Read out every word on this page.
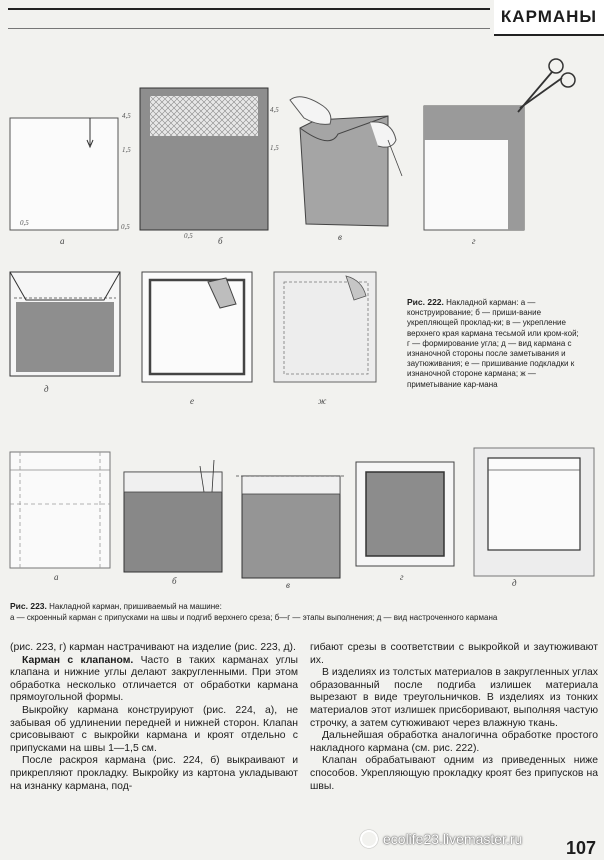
КАРМАНЫ
0,5	0,5
а
4,5
1,5
0,5
4,5
1,5
б	в	г
д
е	ж
а	б	в
г
д
Рис. 222. Накладной карман: а — конструирование; б — приши-вание укрепляющей проклад-ки; в — укрепление верхнего края кармана тесьмой или кром-кой; г — формирование угла; д — вид кармана с изнаночной стороны после заметывания и заутюживания; е — пришивание подкладки к изнаночной стороне кармана; ж — приметывание кар-мана
Рис. 223. Накладной карман, пришиваемый на машине:
а — скроенный карман с припусками на швы и подгиб верхнего среза; б—г — этапы выполнения; д — вид настроченного кармана

(рис. 223, г) карман настрачивают на изделие (рис. 223, д).

Карман с клапаном. Часто в таких карманах углы клапана и нижние углы делают закругленными. При этом обработка несколько отличается от обработки кармана прямоугольной формы.

Выкройку кармана конструируют (рис. 224, а), не забывая об удлинении передней и нижней сторон. Клапан срисовывают с выкройки кармана и кроят отдельно с припусками на швы 1—1,5 см.

После раскроя кармана (рис. 224, б) выкраивают и прикрепляют прокладку. Выкройку из картона укладывают на изнанку кармана, под-

гибают срезы в соответствии с выкройкой и заутюживают их.

В изделиях из толстых материалов в закругленных углах образованный после подгиба излишек материала вырезают в виде треугольничков. В изделиях из тонких материалов этот излишек присборивают, выполняя частую строчку, а затем сутюживают через влажную ткань.

Дальнейшая обработка аналогична обработке простого накладного кармана (см. рис. 222).

Клапан обрабатывают одним из приведенных ниже способов. Укрепляющую прокладку кроят без припусков на швы.

ecolife23.livemaster.ru 107
